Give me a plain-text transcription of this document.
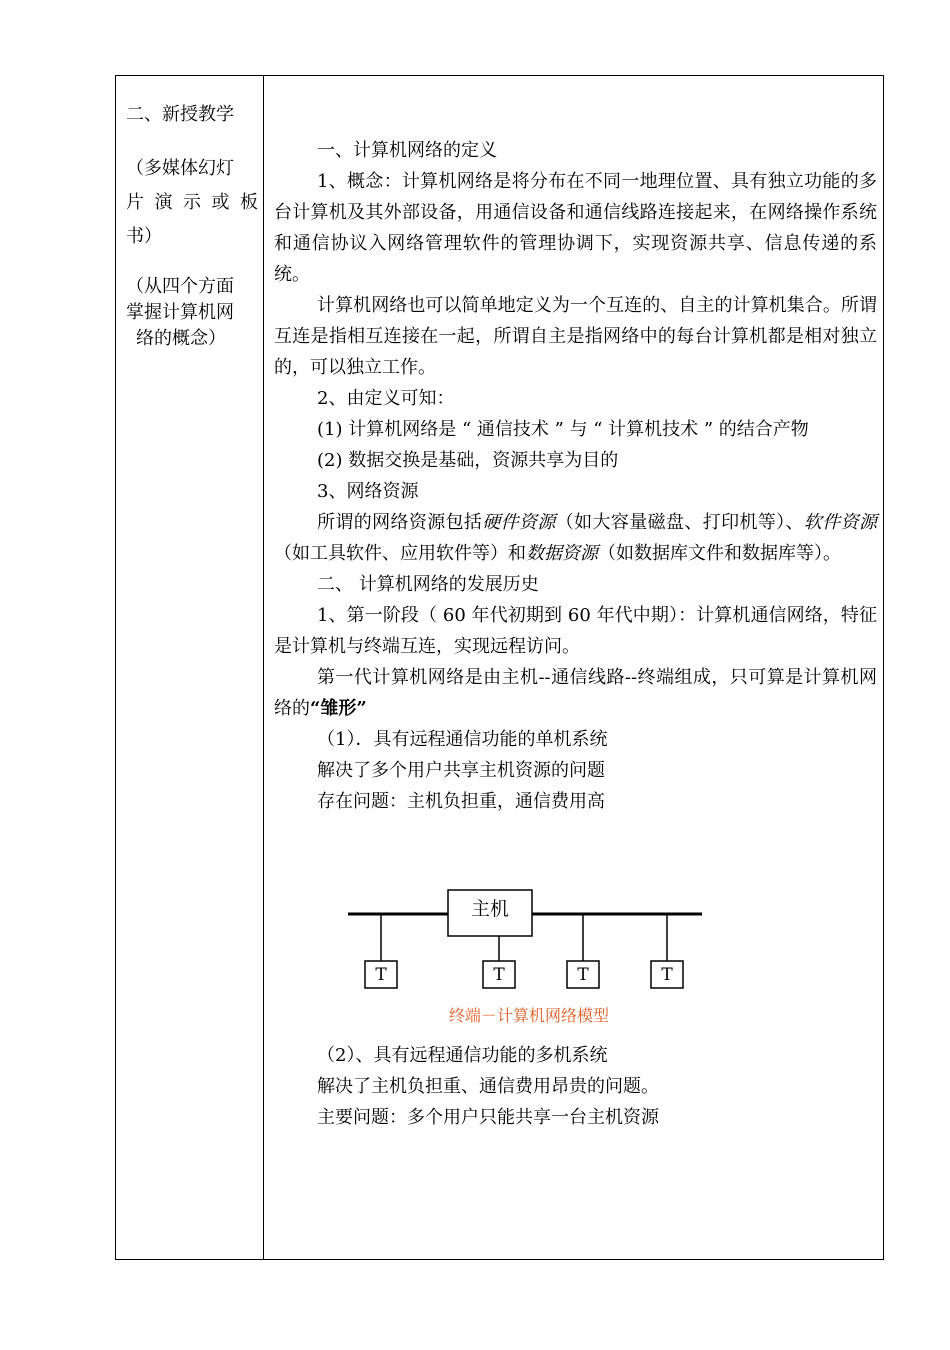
二、新授教学
（多媒体幻灯
片 演 示 或 板
书）
（从四个方面
掌握计算机网
络的概念）

一、计算机网络的定义

1、概念：计算机网络是将分布在不同一地理位置、具有独立功能的多台计算机及其外部设备，用通信设备和通信线路连接起来，在网络操作系统和通信协议入网络管理软件的管理协调下，实现资源共享、信息传递的系统。

计算机网络也可以简单地定义为一个互连的、自主的计算机集合。所谓互连是指相互连接在一起，所谓自主是指网络中的每台计算机都是相对独立的，可以独立工作。

2、由定义可知：

(1) 计算机网络是 “ 通信技术 ” 与 “ 计算机技术 ” 的结合产物

(2) 数据交换是基础，资源共享为目的

3、网络资源

所谓的网络资源包括硬件资源（如大容量磁盘、打印机等）、软件资源（如工具软件、应用软件等）和数据资源（如数据库文件和数据库等）。

二、 计算机网络的发展历史

1、第一阶段（ 60 年代初期到 60 年代中期）：计算机通信网络，特征是计算机与终端互连，实现远程访问。

第一代计算机网络是由主机--通信线路--终端组成，只可算是计算机网络的“雏形”

（1）．具有远程通信功能的单机系统

解决了多个用户共享主机资源的问题

存在问题：主机负担重，通信费用高

主机
T	T	T	T
终端－计算机网络模型

（2）、具有远程通信功能的多机系统

解决了主机负担重、通信费用昂贵的问题。

主要问题：多个用户只能共享一台主机资源
